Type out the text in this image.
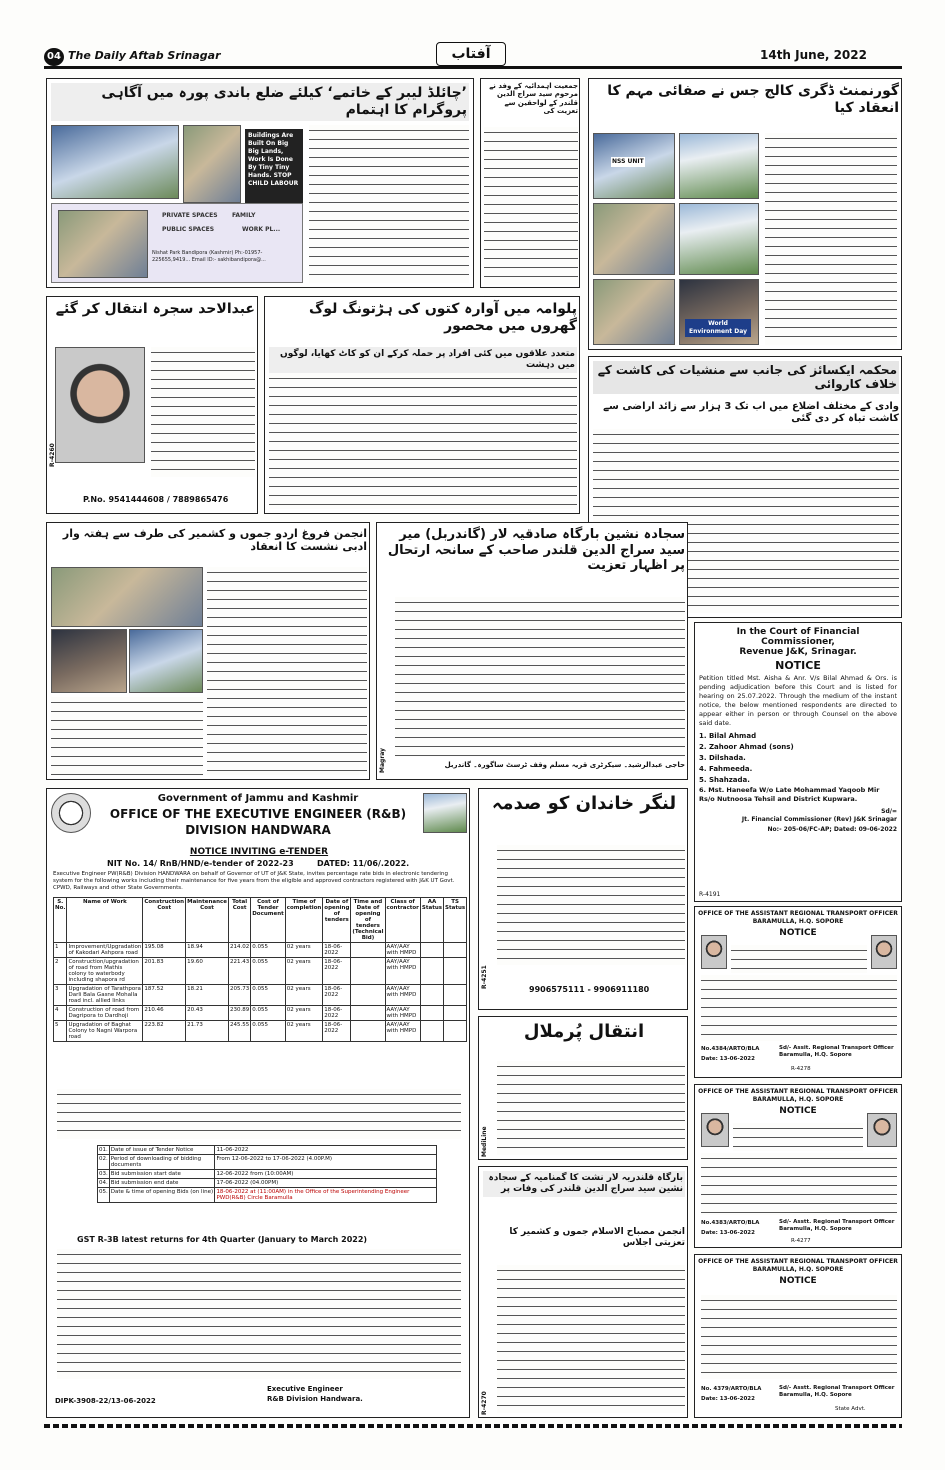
04 The Daily Aftab Srinagar	آفتاب	14th June, 2022
’چائلڈ لیبر کے خاتمے‘ کیلئے ضلع باندی پورہ میں آگاہی پروگرام کا اہتمام
Buildings Are Built On Big Big Lands, Work Is Done By Tiny Tiny Hands. STOP CHILD LABOUR
PRIVATE SPACES FAMILY
PUBLIC SPACES	WORK PL...
Nishat Park Bandipora (Kashmir) Ph:-01957-225655,9419... Email ID:- sakhibandipora@...
جمعیت اہمدائیہ کے وفد نے مرحوم سید سراج الدین قلندر کے لواحقین سے تعزیت کی
گورنمنٹ ڈگری کالج جس نے صفائی مہم کا انعقاد کیا
NSS UNIT
World Environment Day
عبدالاحد سجرہ انتقال کر گئے
P.No. 9541444608 / 7889865476
R-4260
پلوامہ میں آوارہ کتوں کی ہڑتونگ لوگ گھروں میں محصور
متعدد علاقوں میں کئی افراد پر حملہ کرکے ان کو کاٹ کھایا، لوگوں میں دہشت	محکمہ ایکسائز کی جانب سے منشیات کی کاشت کے خلاف کاروائی
وادی کے مختلف اضلاع میں اب تک 3 ہزار سے زائد اراضی سے کاشت تباہ کر دی گئی
انجمن فروغ اردو جموں و کشمیر کی طرف سے ہفتہ وار ادبی نشست کا انعقاد
سجادہ نشین بارگاہ صادقیہ لار (گاندربل) میر سید سراج الدین قلندر صاحب کے سانحہ ارتحال پر اظہار تعزیت
حاجی عبدالرشید۔ سیکرٹری قریہ مسلم وقف ٹرسٹ ساگورہ۔ گاندربل
Magray
In the Court of Financial Commissioner,
Revenue J&K, Srinagar.
NOTICE
Petition titled Mst. Aisha & Anr. V/s Bilal Ahmad & Ors. is pending adjudication before this Court and is listed for hearing on 25.07.2022. Through the medium of the instant notice, the below mentioned respondents are directed to appear either in person or through Counsel on the above said date.
1. Bilal Ahmad
2. Zahoor Ahmad (sons)
3. Dilshada.
4. Fahmeeda.
5. Shahzada.
6. Mst. Haneefa W/o Late Mohammad Yaqoob Mir Rs/o Nutnoosa Tehsil and District Kupwara.
Sd/=
Jt. Financial Commissioner (Rev) J&K Srinagar
No:- 205-06/FC-AP; Dated: 09-06-2022
R-4191
Government of Jammu and Kashmir
OFFICE OF THE EXECUTIVE ENGINEER (R&B)
DIVISION HANDWARA
NOTICE INVITING e-TENDER
NIT No. 14/ RnB/HND/e-tender of 2022-23	DATED: 11/06/.2022.
Executive Engineer PW(R&B) Division HANDWARA on behalf of Governor of UT of J&K State, invites percentage rate bids in electronic tendering system for the following works including their maintenance for five years from the eligible and approved contractors registered with J&K UT Govt. CPWD, Railways and other State Governments.
S. No.	Name of Work	Construction Cost	Maintenance Cost	Total Cost	Cost of Tender Document	Time of completion	Date of opening of tenders	Time and Date of opening of tenders (Technical Bid)	Class of contractor	AA Status	TS Status
1	Improvement/Upgradation of Kakodari Ashpora road	195.08	18.94	214.02	0.055	02 years	18-06-2022		AAY/AAY with HMPD		
2	Construction/upgradation of road from Mathis colony to waterbody including shapora rd	201.83	19.60	221.43	0.055	02 years	18-06-2022		AAY/AAY with HMPD		
3	Upgradation of Tarathpora Darli Bala Gasne Mohalla road incl. allied links	187.52	18.21	205.73	0.055	02 years	18-06-2022		AAY/AAY with HMPD		
4	Construction of road from Dagripora to Dardhoji	210.46	20.43	230.89	0.055	02 years	18-06-2022		AAY/AAY with HMPD		
5	Upgradation of Baghat Colony to Nagni Warpora road	223.82	21.73	245.55	0.055	02 years	18-06-2022		AAY/AAY with HMPD		
01.	Date of issue of Tender Notice	11-06-2022
02.	Period of downloading of bidding documents	From 12-06-2022 to 17-06-2022 (4.00P.M)
03.	Bid submission start date	12-06-2022 from (10:00AM)
04.	Bid submission end date	17-06-2022 (04.00PM)
05.	Date & time of opening Bids (on line)	18-06-2022 at (11:00AM) in the Office of the Superintending Engineer PWD(R&B) Circle Baramulla
GST R-3B latest returns for 4th Quarter (January to March 2022)
Executive Engineer
R&B Division Handwara.
DIPK-3908-22/13-06-2022
لنگر خاندان کو صدمہ
9906575111 - 9906911180
R-4251
انتقال پُرملال
MediLine
بارگاہ قلندریہ لار نشت کا گمنامیہ کے سجادہ نشین سید سراج الدین قلندر کی وفات پر
انجمن مصباح الاسلام جموں و کشمیر کا تعزیتی اجلاس
R-4270
OFFICE OF THE ASSISTANT REGIONAL TRANSPORT OFFICER
BARAMULLA, H.Q. SOPORE
NOTICE
No.4384/ARTO/BLA	Sd/- Assit. Regional Transport Officer Baramulla, H.Q. Sopore
Date: 13-06-2022
R-4278
OFFICE OF THE ASSISTANT REGIONAL TRANSPORT OFFICER
BARAMULLA, H.Q. SOPORE
NOTICE
No.4383/ARTO/BLA	Sd/- Asstt. Regional Transport Officer Baramulla, H.Q. Sopore
Date: 13-06-2022
R-4277
OFFICE OF THE ASSISTANT REGIONAL TRANSPORT OFFICER
BARAMULLA, H.Q. SOPORE
NOTICE
No. 4379/ARTO/BLA	Sd/- Asstt. Regional Transport Officer Baramulla, H.Q. Sopore
Date: 13-06-2022
State Advt.
